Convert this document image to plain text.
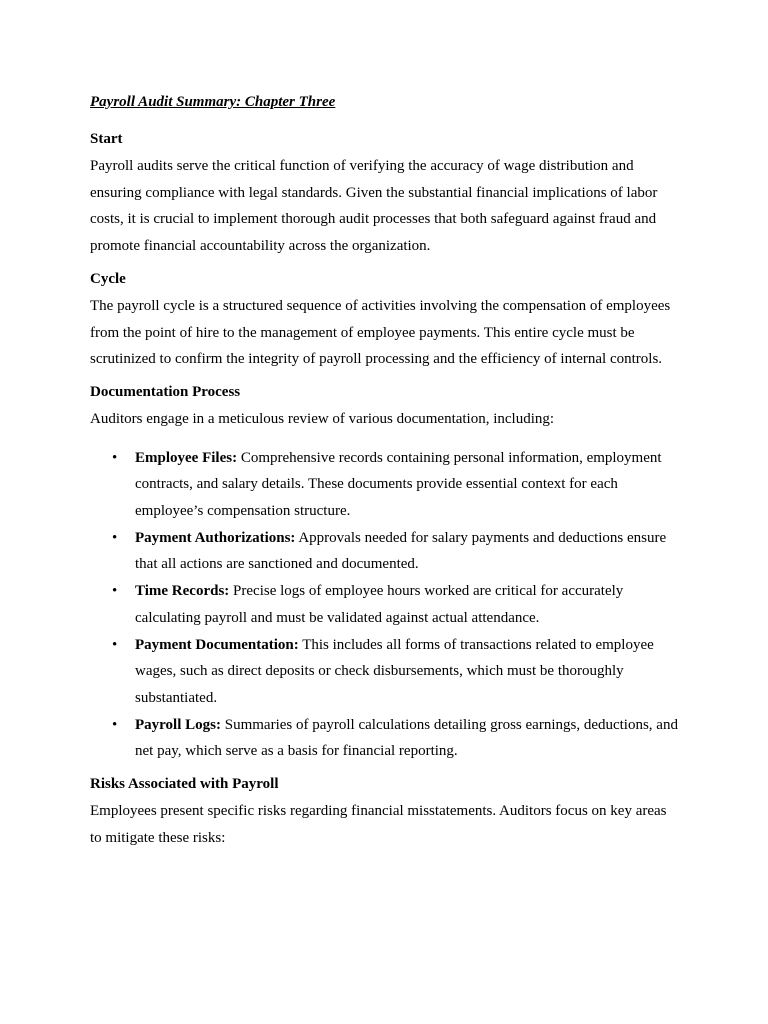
Payroll Audit Summary: Chapter Three
Start

Payroll audits serve the critical function of verifying the accuracy of wage distribution and ensuring compliance with legal standards. Given the substantial financial implications of labor costs, it is crucial to implement thorough audit processes that both safeguard against fraud and promote financial accountability across the organization.

Cycle

The payroll cycle is a structured sequence of activities involving the compensation of employees from the point of hire to the management of employee payments. This entire cycle must be scrutinized to confirm the integrity of payroll processing and the efficiency of internal controls.

Documentation Process

Auditors engage in a meticulous review of various documentation, including:

• Employee Files: Comprehensive records containing personal information, employment contracts, and salary details. These documents provide essential context for each employee’s compensation structure.
• Payment Authorizations: Approvals needed for salary payments and deductions ensure that all actions are sanctioned and documented.
• Time Records: Precise logs of employee hours worked are critical for accurately calculating payroll and must be validated against actual attendance.
• Payment Documentation: This includes all forms of transactions related to employee wages, such as direct deposits or check disbursements, which must be thoroughly substantiated.
• Payroll Logs: Summaries of payroll calculations detailing gross earnings, deductions, and net pay, which serve as a basis for financial reporting.
Risks Associated with Payroll

Employees present specific risks regarding financial misstatements. Auditors focus on key areas to mitigate these risks:
